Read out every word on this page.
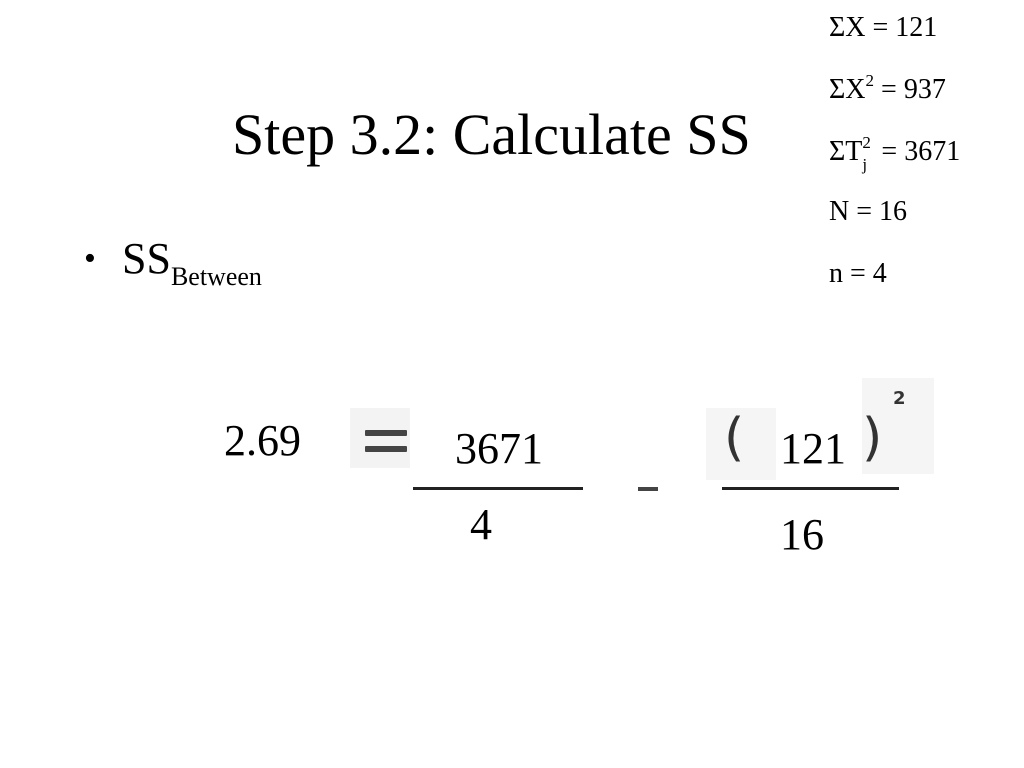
Step 3.2: Calculate SS
ΣX = 121
$\Sigma X^2 = 937$
ΣT 2
j = 3671
N = 16
n = 4
• $SS_{Between}$
2.69	3671
4
( 121 )
2
16
